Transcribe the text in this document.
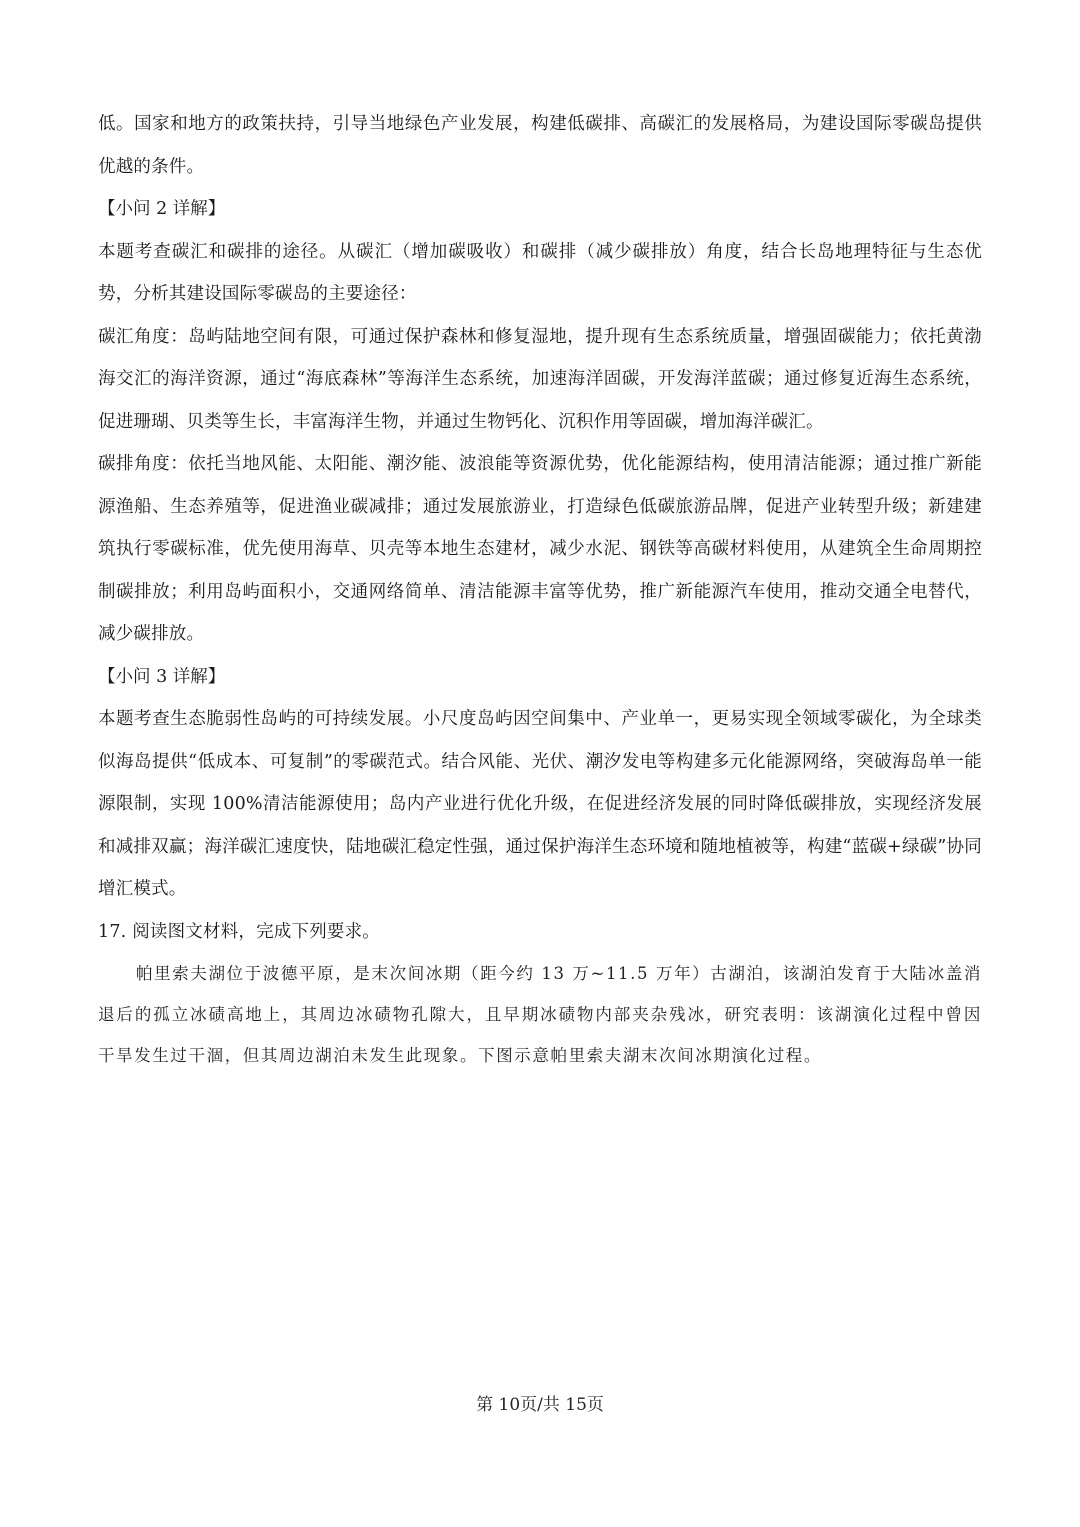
低。国家和地方的政策扶持，引导当地绿色产业发展，构建低碳排、高碳汇的发展格局，为建设国际零碳岛提供优越的条件。

【小问 2 详解】

本题考查碳汇和碳排的途径。从碳汇（增加碳吸收）和碳排（减少碳排放）角度，结合长岛地理特征与生态优势，分析其建设国际零碳岛的主要途径：

碳汇角度：岛屿陆地空间有限，可通过保护森林和修复湿地，提升现有生态系统质量，增强固碳能力；依托黄渤海交汇的海洋资源，通过“海底森林”等海洋生态系统，加速海洋固碳，开发海洋蓝碳；通过修复近海生态系统，促进珊瑚、贝类等生长，丰富海洋生物，并通过生物钙化、沉积作用等固碳，增加海洋碳汇。

碳排角度：依托当地风能、太阳能、潮汐能、波浪能等资源优势，优化能源结构，使用清洁能源；通过推广新能源渔船、生态养殖等，促进渔业碳减排；通过发展旅游业，打造绿色低碳旅游品牌，促进产业转型升级；新建建筑执行零碳标准，优先使用海草、贝壳等本地生态建材，减少水泥、钢铁等高碳材料使用，从建筑全生命周期控制碳排放；利用岛屿面积小，交通网络简单、清洁能源丰富等优势，推广新能源汽车使用，推动交通全电替代，减少碳排放。

【小问 3 详解】

本题考查生态脆弱性岛屿的可持续发展。小尺度岛屿因空间集中、产业单一，更易实现全领域零碳化，为全球类似海岛提供“低成本、可复制”的零碳范式。结合风能、光伏、潮汐发电等构建多元化能源网络，突破海岛单一能源限制，实现 100%清洁能源使用；岛内产业进行优化升级，在促进经济发展的同时降低碳排放，实现经济发展和减排双赢；海洋碳汇速度快，陆地碳汇稳定性强，通过保护海洋生态环境和随地植被等，构建“蓝碳+绿碳”协同增汇模式。

17. 阅读图文材料，完成下列要求。

帕里索夫湖位于波德平原，是末次间冰期（距今约 13 万~11.5 万年）古湖泊，该湖泊发育于大陆冰盖消退后的孤立冰碛高地上，其周边冰碛物孔隙大，且早期冰碛物内部夹杂残冰，研究表明：该湖演化过程中曾因干旱发生过干涸，但其周边湖泊未发生此现象。下图示意帕里索夫湖末次间冰期演化过程。

第 10页/共 15页
